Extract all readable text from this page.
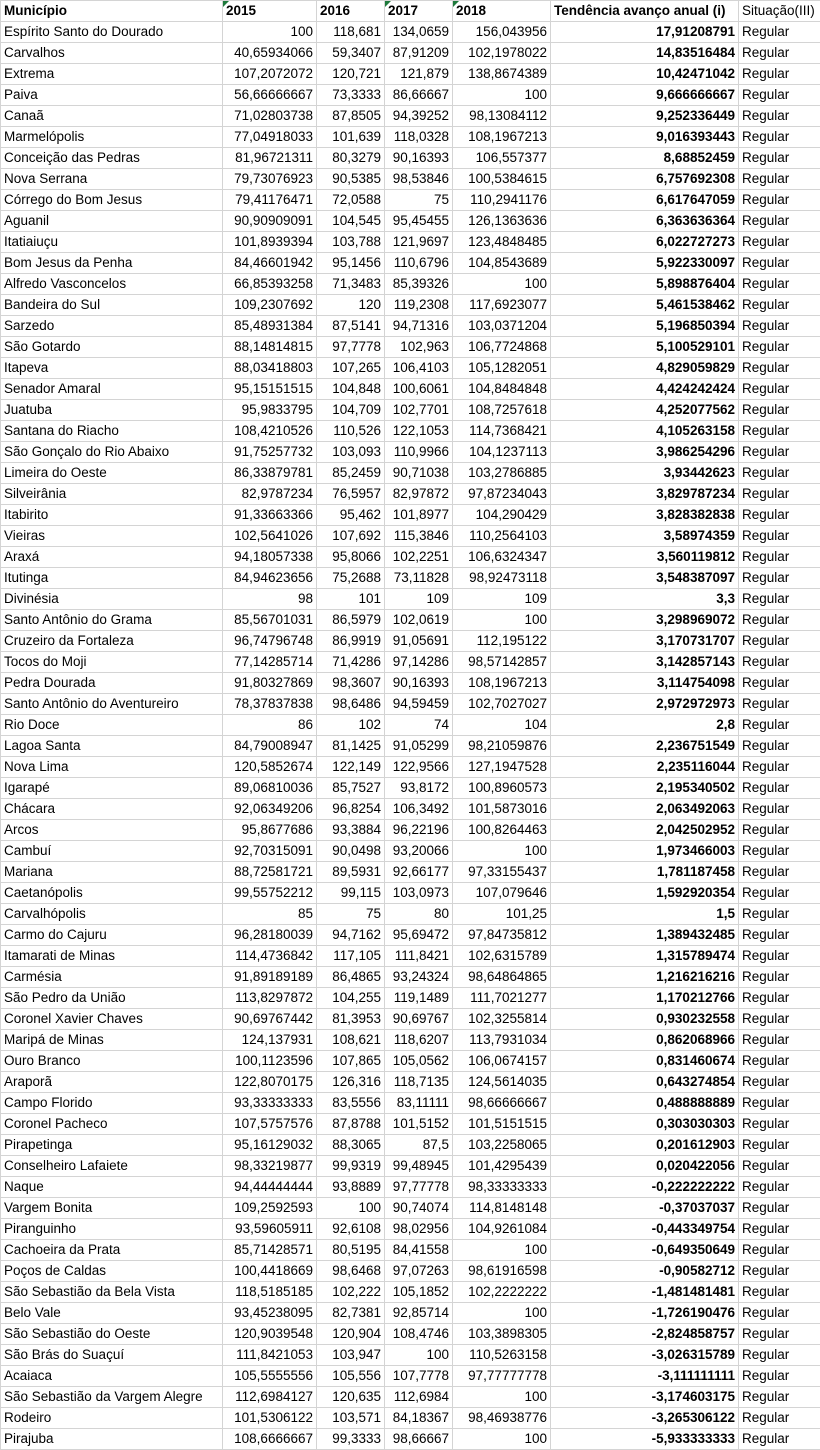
Município	2015	2016	2017	2018	Tendência avanço anual (i)	Situação(III)
Espírito Santo do Dourado	100	118,681	134,0659	156,043956	17,91208791	Regular
Carvalhos	40,65934066	59,3407	87,91209	102,1978022	14,83516484	Regular
Extrema	107,2072072	120,721	121,879	138,8674389	10,42471042	Regular
Paiva	56,66666667	73,3333	86,66667	100	9,666666667	Regular
Canaã	71,02803738	87,8505	94,39252	98,13084112	9,252336449	Regular
Marmelópolis	77,04918033	101,639	118,0328	108,1967213	9,016393443	Regular
Conceição das Pedras	81,96721311	80,3279	90,16393	106,557377	8,68852459	Regular
Nova Serrana	79,73076923	90,5385	98,53846	100,5384615	6,757692308	Regular
Córrego do Bom Jesus	79,41176471	72,0588	75	110,2941176	6,617647059	Regular
Aguanil	90,90909091	104,545	95,45455	126,1363636	6,363636364	Regular
Itatiaiuçu	101,8939394	103,788	121,9697	123,4848485	6,022727273	Regular
Bom Jesus da Penha	84,46601942	95,1456	110,6796	104,8543689	5,922330097	Regular
Alfredo Vasconcelos	66,85393258	71,3483	85,39326	100	5,898876404	Regular
Bandeira do Sul	109,2307692	120	119,2308	117,6923077	5,461538462	Regular
Sarzedo	85,48931384	87,5141	94,71316	103,0371204	5,196850394	Regular
São Gotardo	88,14814815	97,7778	102,963	106,7724868	5,100529101	Regular
Itapeva	88,03418803	107,265	106,4103	105,1282051	4,829059829	Regular
Senador Amaral	95,15151515	104,848	100,6061	104,8484848	4,424242424	Regular
Juatuba	95,9833795	104,709	102,7701	108,7257618	4,252077562	Regular
Santana do Riacho	108,4210526	110,526	122,1053	114,7368421	4,105263158	Regular
São Gonçalo do Rio Abaixo	91,75257732	103,093	110,9966	104,1237113	3,986254296	Regular
Limeira do Oeste	86,33879781	85,2459	90,71038	103,2786885	3,93442623	Regular
Silveirânia	82,9787234	76,5957	82,97872	97,87234043	3,829787234	Regular
Itabirito	91,33663366	95,462	101,8977	104,290429	3,828382838	Regular
Vieiras	102,5641026	107,692	115,3846	110,2564103	3,58974359	Regular
Araxá	94,18057338	95,8066	102,2251	106,6324347	3,560119812	Regular
Itutinga	84,94623656	75,2688	73,11828	98,92473118	3,548387097	Regular
Divinésia	98	101	109	109	3,3	Regular
Santo Antônio do Grama	85,56701031	86,5979	102,0619	100	3,298969072	Regular
Cruzeiro da Fortaleza	96,74796748	86,9919	91,05691	112,195122	3,170731707	Regular
Tocos do Moji	77,14285714	71,4286	97,14286	98,57142857	3,142857143	Regular
Pedra Dourada	91,80327869	98,3607	90,16393	108,1967213	3,114754098	Regular
Santo Antônio do Aventureiro	78,37837838	98,6486	94,59459	102,7027027	2,972972973	Regular
Rio Doce	86	102	74	104	2,8	Regular
Lagoa Santa	84,79008947	81,1425	91,05299	98,21059876	2,236751549	Regular
Nova Lima	120,5852674	122,149	122,9566	127,1947528	2,235116044	Regular
Igarapé	89,06810036	85,7527	93,8172	100,8960573	2,195340502	Regular
Chácara	92,06349206	96,8254	106,3492	101,5873016	2,063492063	Regular
Arcos	95,8677686	93,3884	96,22196	100,8264463	2,042502952	Regular
Cambuí	92,70315091	90,0498	93,20066	100	1,973466003	Regular
Mariana	88,72581721	89,5931	92,66177	97,33155437	1,781187458	Regular
Caetanópolis	99,55752212	99,115	103,0973	107,079646	1,592920354	Regular
Carvalhópolis	85	75	80	101,25	1,5	Regular
Carmo do Cajuru	96,28180039	94,7162	95,69472	97,84735812	1,389432485	Regular
Itamarati de Minas	114,4736842	117,105	111,8421	102,6315789	1,315789474	Regular
Carmésia	91,89189189	86,4865	93,24324	98,64864865	1,216216216	Regular
São Pedro da União	113,8297872	104,255	119,1489	111,7021277	1,170212766	Regular
Coronel Xavier Chaves	90,69767442	81,3953	90,69767	102,3255814	0,930232558	Regular
Maripá de Minas	124,137931	108,621	118,6207	113,7931034	0,862068966	Regular
Ouro Branco	100,1123596	107,865	105,0562	106,0674157	0,831460674	Regular
Araporã	122,8070175	126,316	118,7135	124,5614035	0,643274854	Regular
Campo Florido	93,33333333	83,5556	83,11111	98,66666667	0,488888889	Regular
Coronel Pacheco	107,5757576	87,8788	101,5152	101,5151515	0,303030303	Regular
Pirapetinga	95,16129032	88,3065	87,5	103,2258065	0,201612903	Regular
Conselheiro Lafaiete	98,33219877	99,9319	99,48945	101,4295439	0,020422056	Regular
Naque	94,44444444	93,8889	97,77778	98,33333333	-0,222222222	Regular
Vargem Bonita	109,2592593	100	90,74074	114,8148148	-0,37037037	Regular
Piranguinho	93,59605911	92,6108	98,02956	104,9261084	-0,443349754	Regular
Cachoeira da Prata	85,71428571	80,5195	84,41558	100	-0,649350649	Regular
Poços de Caldas	100,4418669	98,6468	97,07263	98,61916598	-0,90582712	Regular
São Sebastião da Bela Vista	118,5185185	102,222	105,1852	102,2222222	-1,481481481	Regular
Belo Vale	93,45238095	82,7381	92,85714	100	-1,726190476	Regular
São Sebastião do Oeste	120,9039548	120,904	108,4746	103,3898305	-2,824858757	Regular
São Brás do Suaçuí	111,8421053	103,947	100	110,5263158	-3,026315789	Regular
Acaiaca	105,5555556	105,556	107,7778	97,77777778	-3,111111111	Regular
São Sebastião da Vargem Alegre	112,6984127	120,635	112,6984	100	-3,174603175	Regular
Rodeiro	101,5306122	103,571	84,18367	98,46938776	-3,265306122	Regular
Pirajuba	108,6666667	99,3333	98,66667	100	-5,933333333	Regular
